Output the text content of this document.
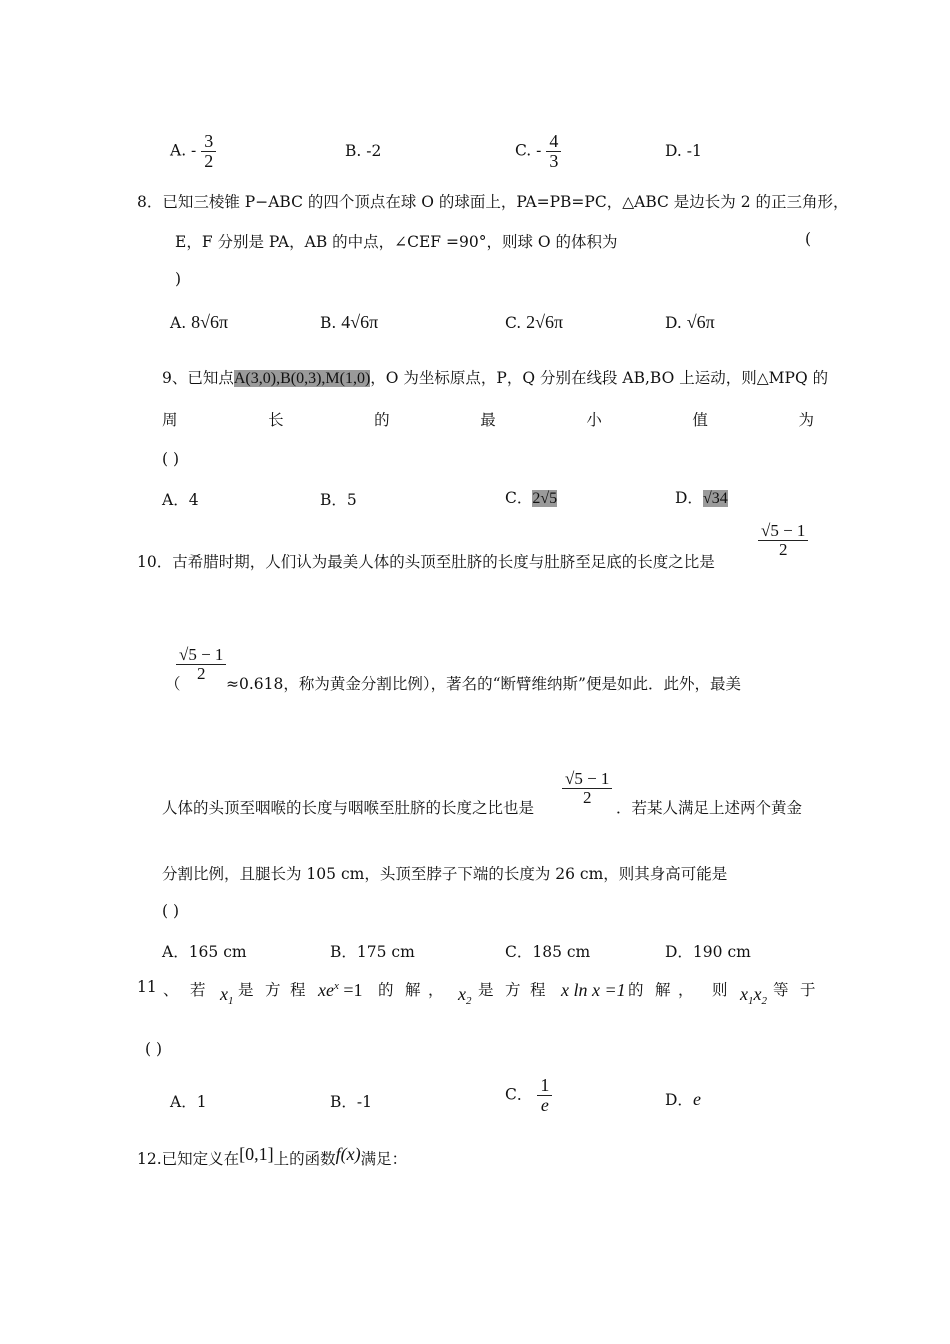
A. - $\frac{3}{2}$	B. -2	C. - $\frac{4}{3}$	D. -1
8．已知三棱锥 P−ABC 的四个顶点在球 O 的球面上，PA=PB=PC，△ABC 是边长为 2 的正三角形，
E，F 分别是 PA，AB 的中点，∠CEF =90°，则球 O 的体积为	(
)
A. 8√6π	B. 4√6π	C. 2√6π	D. √6π
9、已知点A(3,0),B(0,3),M(1,0)，O 为坐标原点，P，Q 分别在线段 AB,BO 上运动，则△MPQ 的
周	长	的	最	小	值	为
( )
A．4	B．5	C．2√5	D．√34
10．古希腊时期，人们认为最美人体的头顶至肚脐的长度与肚脐至足底的长度之比是
$\frac{√5 - 1}{2}$
（
$\frac{√5 - 1}{2}$
≈0.618，称为黄金分割比例），著名的“断臂维纳斯”便是如此．此外，最美
人体的头顶至咽喉的长度与咽喉至肚脐的长度之比也是
$\frac{√5 - 1}{2}$
．若某人满足上述两个黄金
分割比例，且腿长为 105 cm，头顶至脖子下端的长度为 26 cm，则其身高可能是
( )
A．165 cm	B．175 cm	C．185 cm	D．190 cm
11 、 若 $x_1$
是 方 程 $xe^x =1$ 的 解 ， $x_2$
是 方 程 x ln x =1 的 解 ， 则 $x_1x_2$
等 于
( )
A．1	B．-1	C． $\frac{1}{e}$	D．e
12.已知定义在[0,1]上的函数f(x)满足：
